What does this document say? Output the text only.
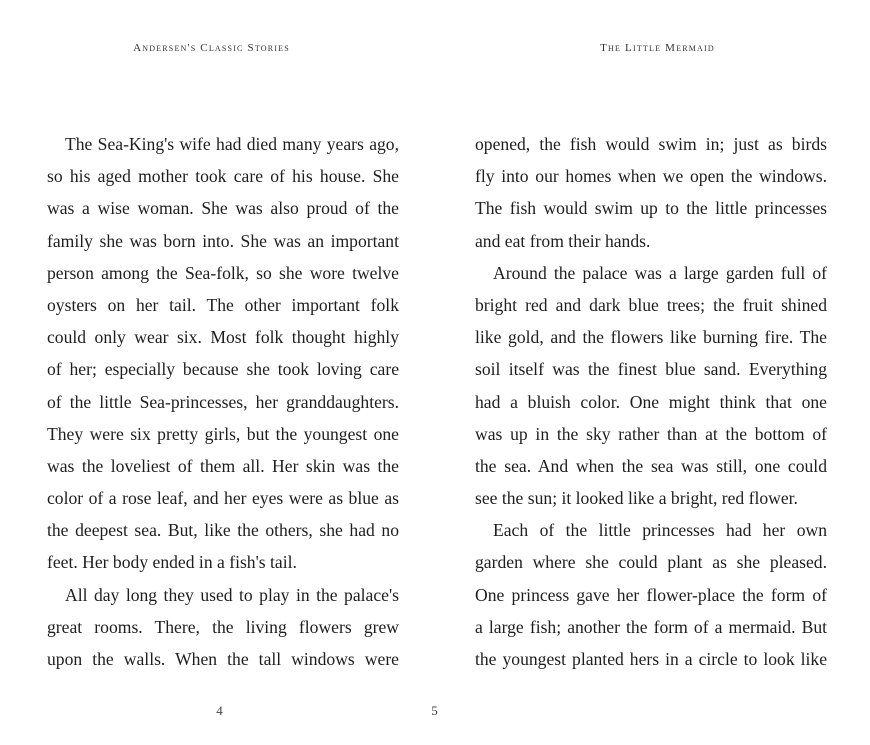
Andersen's Classic Stories
The Sea-King's wife had died many years ago,
so his aged mother took care of his house. She
was a wise woman. She was also proud of the
family she was born into. She was an important
person among the Sea-folk, so she wore twelve
oysters on her tail. The other important folk
could only wear six. Most folk thought highly
of her; especially because she took loving care
of the little Sea-princesses, her granddaughters.
They were six pretty girls, but the youngest one
was the loveliest of them all. Her skin was the
color of a rose leaf, and her eyes were as blue as
the deepest sea. But, like the others, she had no
feet. Her body ended in a fish's tail.
All day long they used to play in the palace's
great rooms. There, the living flowers grew
upon the walls. When the tall windows were
4
The Little Mermaid
opened, the fish would swim in; just as birds
fly into our homes when we open the windows.
The fish would swim up to the little princesses
and eat from their hands.
Around the palace was a large garden full of
bright red and dark blue trees; the fruit shined
like gold, and the flowers like burning fire. The
soil itself was the finest blue sand. Everything
had a bluish color. One might think that one
was up in the sky rather than at the bottom of
the sea. And when the sea was still, one could
see the sun; it looked like a bright, red flower.
Each of the little princesses had her own
garden where she could plant as she pleased.
One princess gave her flower-place the form of
a large fish; another the form of a mermaid. But
the youngest planted hers in a circle to look like
5
